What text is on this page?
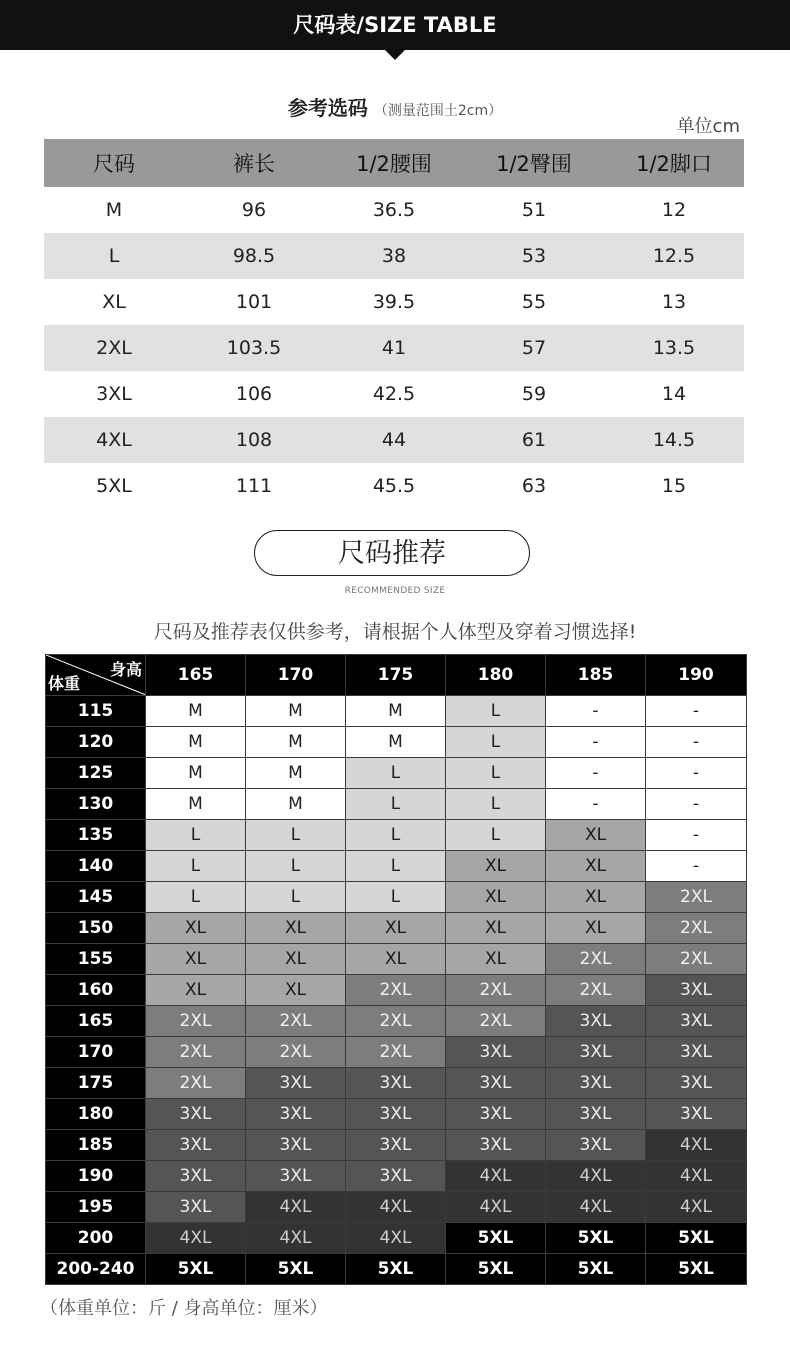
尺码表/SIZE TABLE
参考选码 （测量范围土2cm）
单位cm
尺码	裤长	1/2腰围	1/2臀围	1/2脚口
M	96	36.5	51	12
L	98.5	38	53	12.5
XL	101	39.5	55	13
2XL	103.5	41	57	13.5
3XL	106	42.5	59	14
4XL	108	44	61	14.5
5XL	111	45.5	63	15
尺码推荐
RECOMMENDED SIZE
尺码及推荐表仅供参考，请根据个人体型及穿着习惯选择!
身高
体重	165	170	175	180	185	190
115	M	M	M	L	-	-
120	M	M	M	L	-	-
125	M	M	L	L	-	-
130	M	M	L	L	-	-
135	L	L	L	L	XL	-
140	L	L	L	XL	XL	-
145	L	L	L	XL	XL	2XL
150	XL	XL	XL	XL	XL	2XL
155	XL	XL	XL	XL	2XL	2XL
160	XL	XL	2XL	2XL	2XL	3XL
165	2XL	2XL	2XL	2XL	3XL	3XL
170	2XL	2XL	2XL	3XL	3XL	3XL
175	2XL	3XL	3XL	3XL	3XL	3XL
180	3XL	3XL	3XL	3XL	3XL	3XL
185	3XL	3XL	3XL	3XL	3XL	4XL
190	3XL	3XL	3XL	4XL	4XL	4XL
195	3XL	4XL	4XL	4XL	4XL	4XL
200	4XL	4XL	4XL	5XL	5XL	5XL
200-240	5XL	5XL	5XL	5XL	5XL	5XL
（体重单位：斤 / 身高单位：厘米）
